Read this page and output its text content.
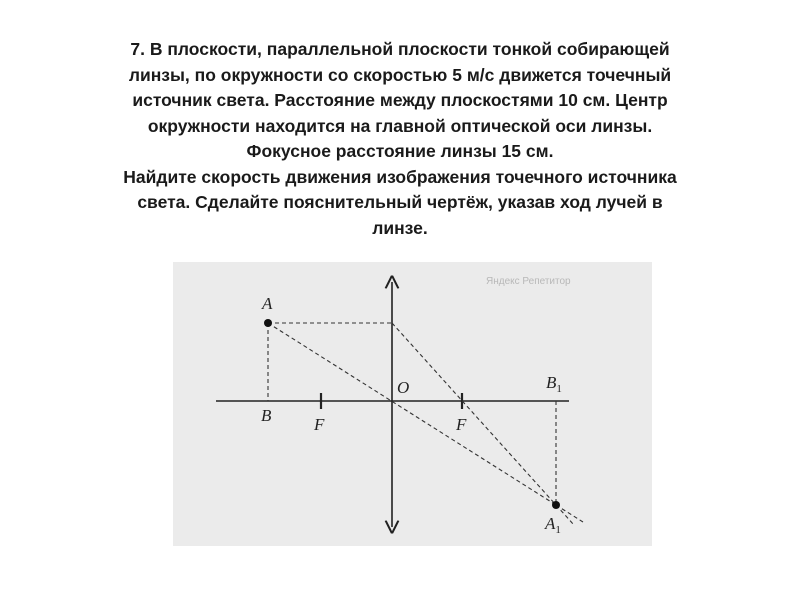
7. В плоскости, параллельной плоскости тонкой собирающей
линзы, по окружности со скоростью 5 м/с движется точечный
источник света. Расстояние между плоскостями 10 см. Центр
окружности находится на главной оптической оси линзы.
Фокусное расстояние линзы 15 см.
Найдите скорость движения изображения точечного источника
света. Сделайте пояснительный чертёж, указав ход лучей в
линзе.
Яндекс Репетитор
A
B	F	F
O	$B_1$
$A_1$
